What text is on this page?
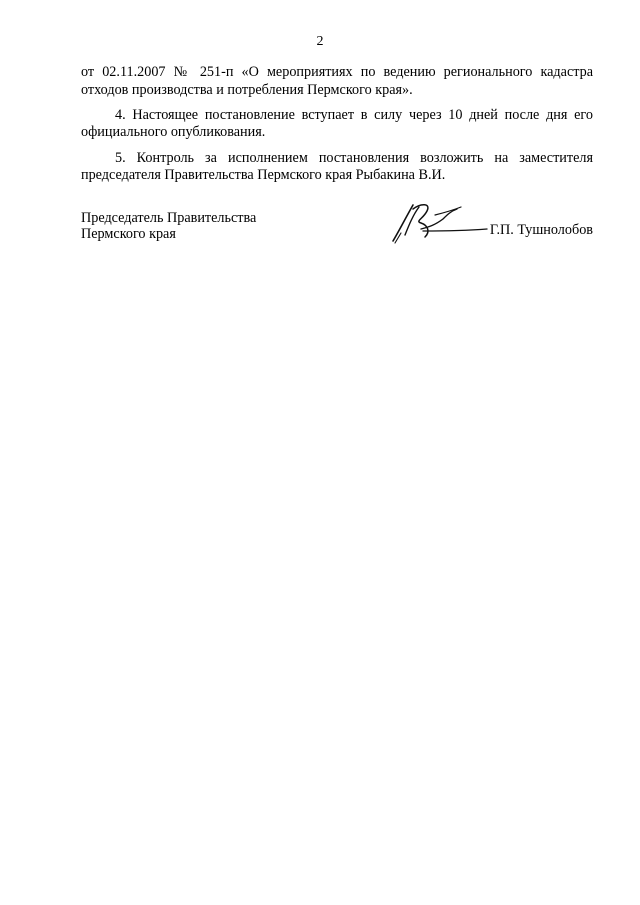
2

от 02.11.2007 № 251-п «О мероприятиях по ведению регионального кадастра отходов производства и потребления Пермского края».

4. Настоящее постановление вступает в силу через 10 дней после дня его официального опубликования.

5. Контроль за исполнением постановления возложить на заместителя председателя Правительства Пермского края Рыбакина В.И.

Председатель Правительства
Пермского края	Г.П. Тушнолобов
